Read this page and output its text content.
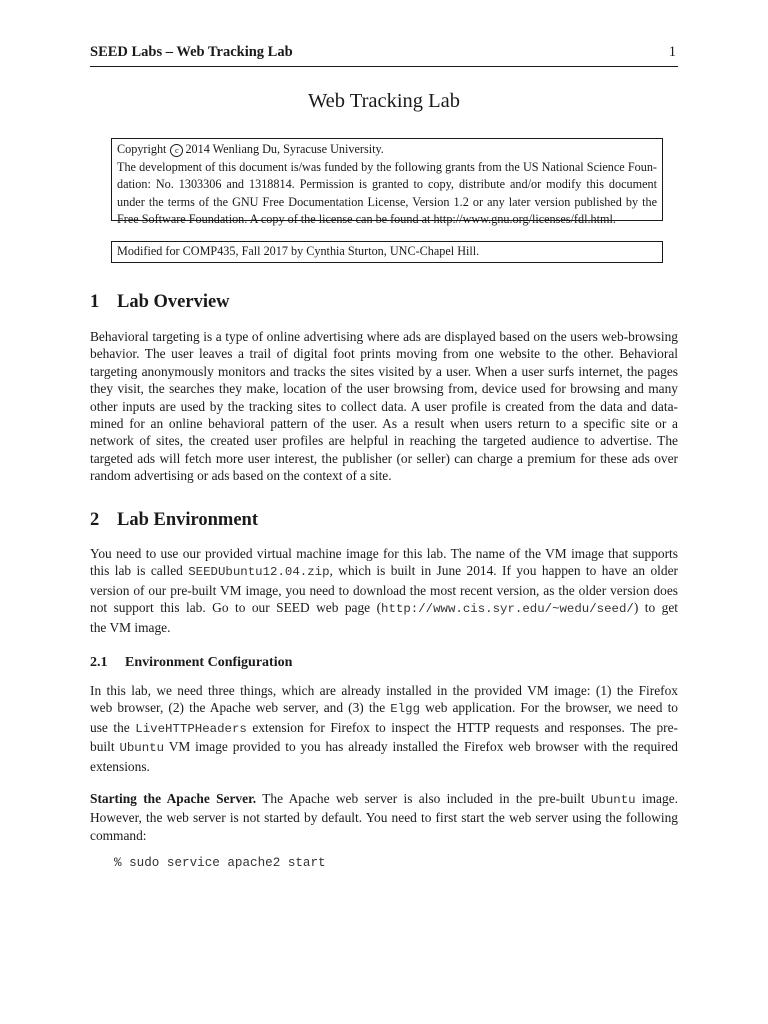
SEED Labs – Web Tracking Lab	1
Web Tracking Lab
Copyright c 2014 Wenliang Du, Syracuse University.
The development of this document is/was funded by the following grants from the US National Science Foun-
dation: No. 1303306 and 1318814. Permission is granted to copy, distribute and/or modify this document
under the terms of the GNU Free Documentation License, Version 1.2 or any later version published by the
Free Software Foundation. A copy of the license can be found at http://www.gnu.org/licenses/fdl.html.
Modified for COMP435, Fall 2017 by Cynthia Sturton, UNC-Chapel Hill.
1 Lab Overview
Behavioral targeting is a type of online advertising where ads are displayed based on the users web-browsing
behavior. The user leaves a trail of digital foot prints moving from one website to the other. Behavioral
targeting anonymously monitors and tracks the sites visited by a user. When a user surfs internet, the pages
they visit, the searches they make, location of the user browsing from, device used for browsing and many
other inputs are used by the tracking sites to collect data. A user profile is created from the data and data-
mined for an online behavioral pattern of the user. As a result when users return to a specific site or a
network of sites, the created user profiles are helpful in reaching the targeted audience to advertise. The
targeted ads will fetch more user interest, the publisher (or seller) can charge a premium for these ads over
random advertising or ads based on the context of a site.
2 Lab Environment
You need to use our provided virtual machine image for this lab. The name of the VM image that supports
this lab is called SEEDUbuntu12.04.zip, which is built in June 2014. If you happen to have an older
version of our pre-built VM image, you need to download the most recent version, as the older version does
not support this lab. Go to our SEED web page (http://www.cis.syr.edu/~wedu/seed/) to get
the VM image.
2.1 Environment Configuration
In this lab, we need three things, which are already installed in the provided VM image: (1) the Firefox
web browser, (2) the Apache web server, and (3) the Elgg web application. For the browser, we need to
use the LiveHTTPHeaders extension for Firefox to inspect the HTTP requests and responses. The pre-
built Ubuntu VM image provided to you has already installed the Firefox web browser with the required
extensions.
Starting the Apache Server. The Apache web server is also included in the pre-built Ubuntu image.
However, the web server is not started by default. You need to first start the web server using the following
command:
% sudo service apache2 start
